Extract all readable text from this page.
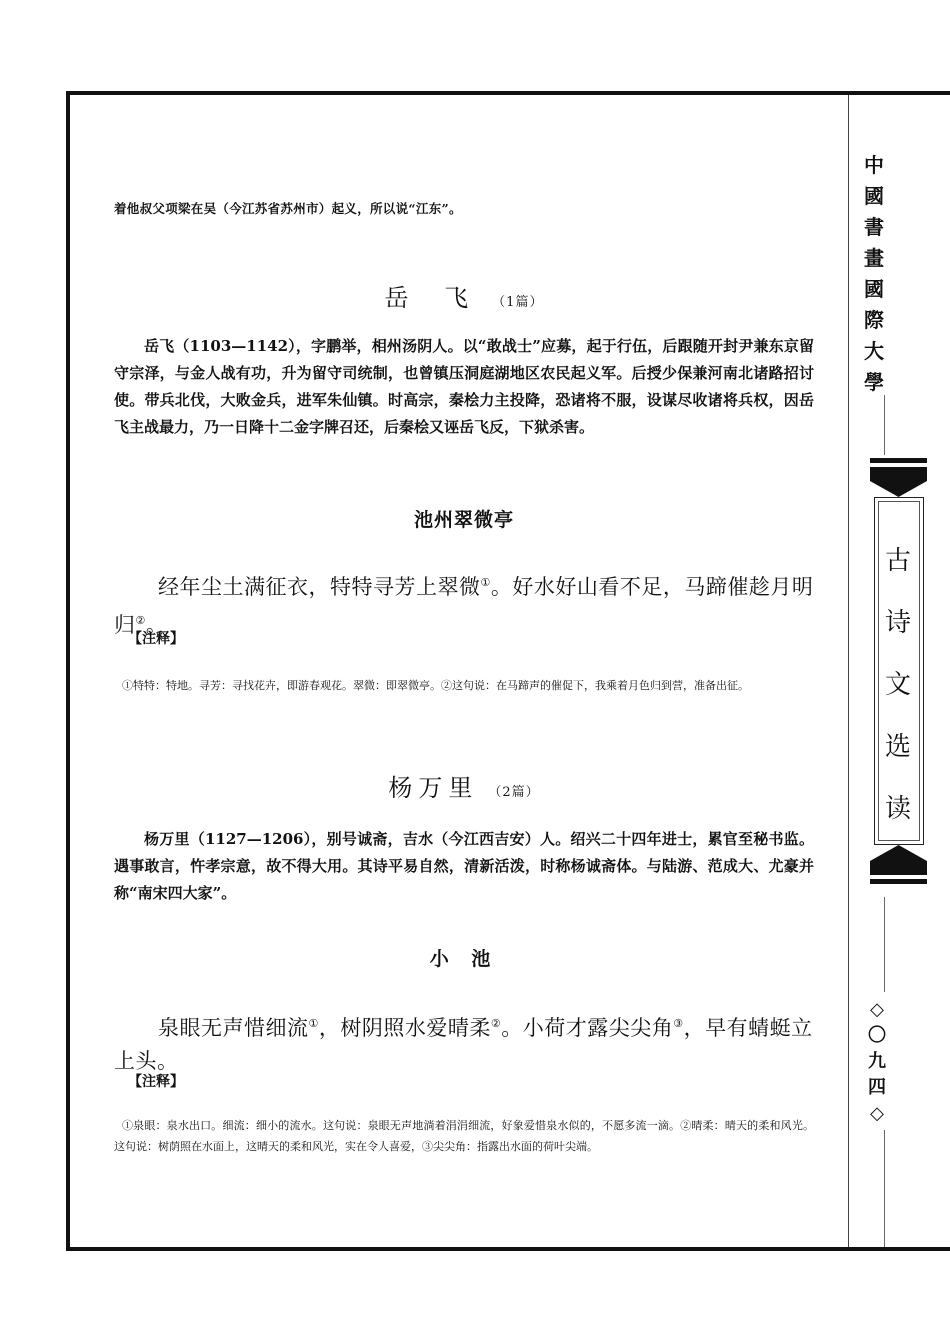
着他叔父项梁在吴（今江苏省苏州市）起义，所以说“江东”。
岳 飞 （1篇）

岳飞（1103—1142），字鹏举，相州汤阴人。以“敢战士”应募，起于行伍，后跟随开封尹兼东京留守宗泽，与金人战有功，升为留守司统制，也曾镇压洞庭湖地区农民起义军。后授少保兼河南北诸路招讨使。带兵北伐，大败金兵，进军朱仙镇。时高宗，秦桧力主投降，恐诸将不服，设谋尽收诸将兵权，因岳飞主战最力，乃一日降十二金字牌召还，后秦桧又诬岳飞反，下狱杀害。

池州翠微亭

经年尘土满征衣，特特寻芳上翠微①。好水好山看不足，马蹄催趁月明归②。

【注释】

①特特：特地。寻芳：寻找花卉，即游春观花。翠微：即翠微亭。②这句说：在马蹄声的催促下，我乘着月色归到营，准备出征。

杨万里 （2篇）

杨万里（1127—1206），别号诚斋，吉水（今江西吉安）人。绍兴二十四年进士，累官至秘书监。遇事敢言，忤孝宗意，故不得大用。其诗平易自然，清新活泼，时称杨诚斋体。与陆游、范成大、尤豪并称“南宋四大家”。

小 池

泉眼无声惜细流①，树阴照水爱晴柔②。小荷才露尖尖角③，早有蜻蜓立上头。

【注释】

①泉眼：泉水出口。细流：细小的流水。这句说：泉眼无声地淌着涓涓细流，好象爱惜泉水似的，不愿多流一滴。②晴柔：晴天的柔和风光。这句说：树荫照在水面上，这晴天的柔和风光，实在令人喜爱，③尖尖角：指露出水面的荷叶尖端。

中
國
書
畫
國
際
大
學
古
诗
文
选
读
◇
〇
九
四
◇
